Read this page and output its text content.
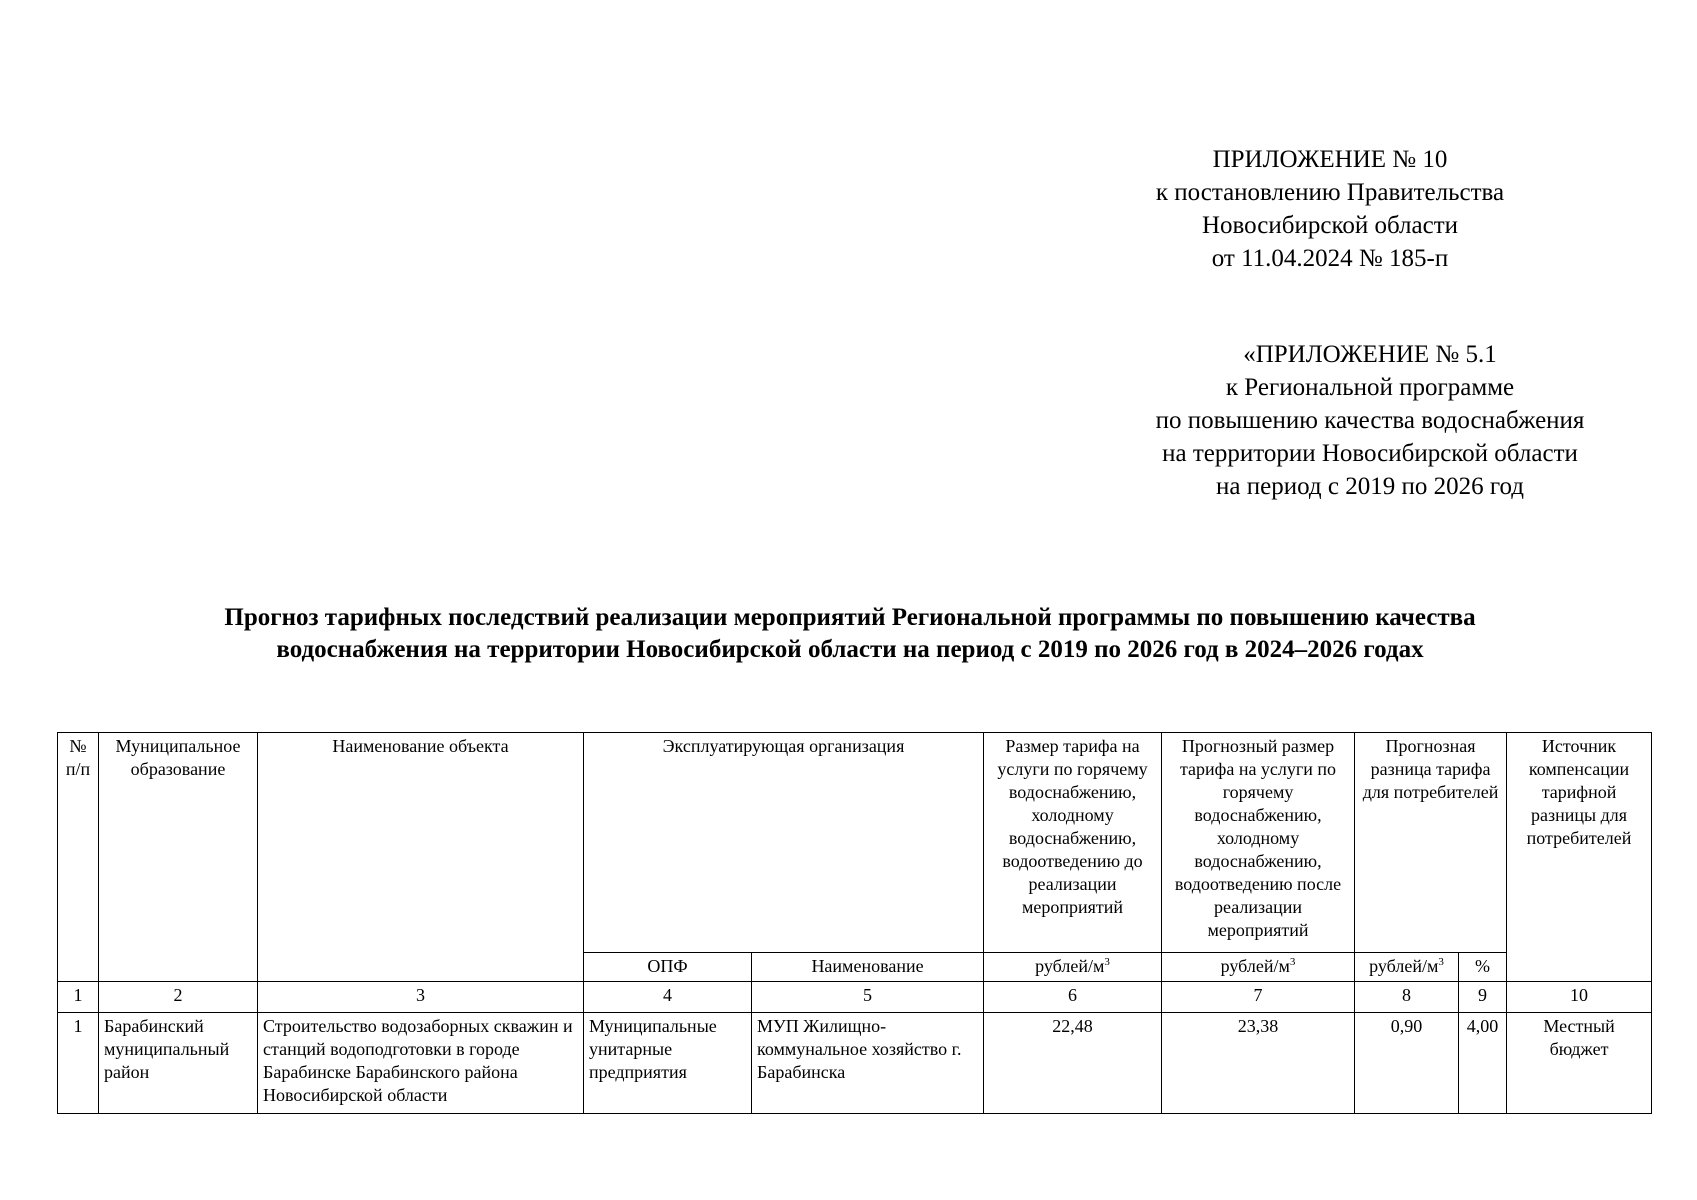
ПРИЛОЖЕНИЕ № 10
к постановлению Правительства
Новосибирской области
от 11.04.2024 № 185-п
«ПРИЛОЖЕНИЕ № 5.1
к Региональной программе
по повышению качества водоснабжения
на территории Новосибирской области
на период с 2019 по 2026 год
Прогноз тарифных последствий реализации мероприятий Региональной программы по повышению качества
водоснабжения на территории Новосибирской области на период с 2019 по 2026 год в 2024–2026 годах
№ п/п	Муниципальное образование	Наименование объекта	Эксплуатирующая организация		Размер тарифа на услуги по горячему водоснабжению, холодному водоснабжению, водоотведению до реализации мероприятий	Прогнозный размер тарифа на услуги по горячему водоснабжению, холодному водоснабжению, водоотведению после реализации мероприятий	Прогнозная разница тарифа для потребителей		Источник компенсации тарифной разницы для потребителей
			ОПФ	Наименование	рублей/$м^3$	рублей/$м^3$	рублей/$м^3$	%	
1	2	3	4	5	6	7	8	9	10
1	Барабинский муниципальный район	Строительство водозаборных скважин и станций водоподготовки в городе Барабинске Барабинского района Новосибирской области	Муниципальные унитарные предприятия	МУП Жилищно-коммунальное хозяйство г. Барабинска	22,48	23,38	0,90	4,00	Местный бюджет
